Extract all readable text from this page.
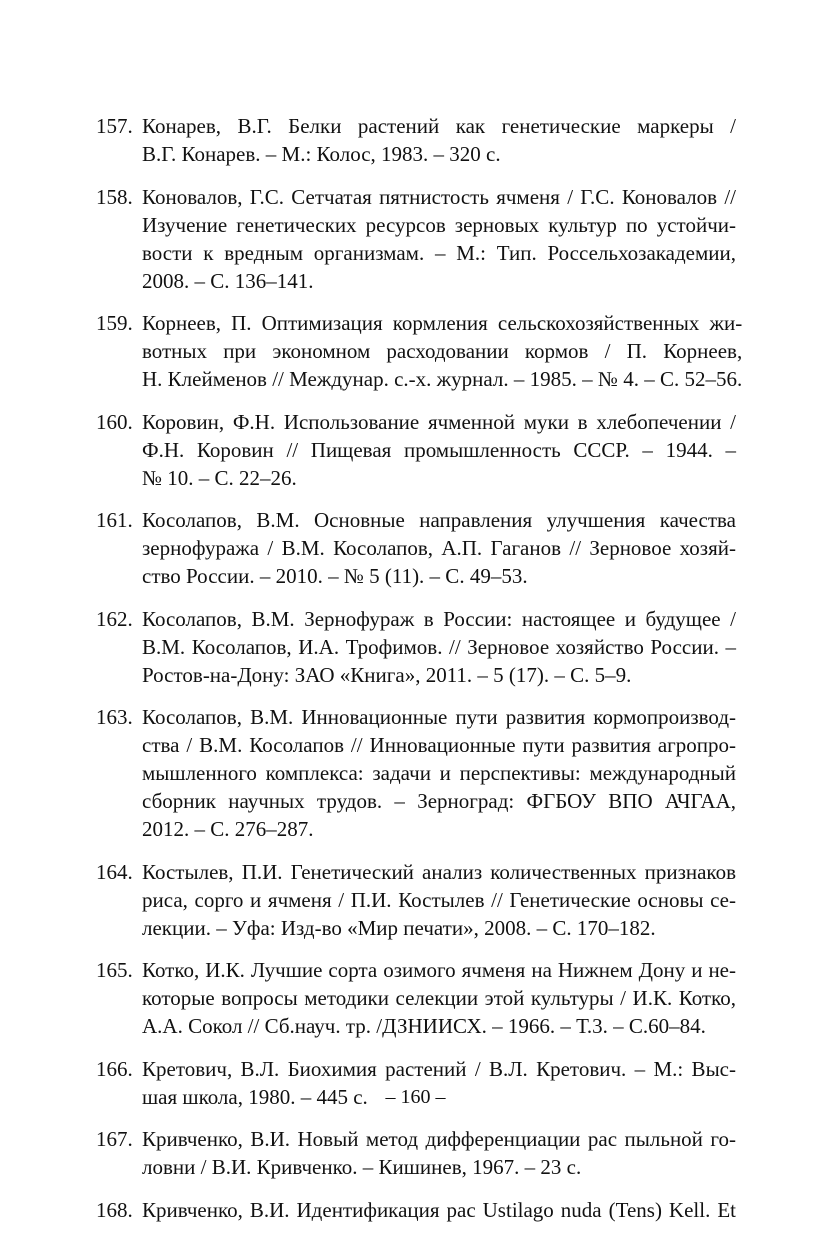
157. Конарев, В.Г. Белки растений как генетические маркеры /
В.Г. Конарев. – М.: Колос, 1983. – 320 с.
158. Коновалов, Г.С. Сетчатая пятнистость ячменя / Г.С. Коновалов //
Изучение генетических ресурсов зерновых культур по устойчи-
вости к вредным организмам. – М.: Тип. Россельхозакадемии,
2008. – С. 136–141.
159. Корнеев, П. Оптимизация кормления сельскохозяйственных жи-
вотных при экономном расходовании кормов / П. Корнеев,
Н. Клейменов // Междунар. с.-х. журнал. – 1985. – № 4. – С. 52–56.
160. Коровин, Ф.Н. Использование ячменной муки в хлебопечении /
Ф.Н. Коровин // Пищевая промышленность СССР. – 1944. –
№ 10. – С. 22–26.
161. Косолапов, В.М. Основные направления улучшения качества
зернофуража / В.М. Косолапов, А.П. Гаганов // Зерновое хозяй-
ство России. – 2010. – № 5 (11). – С. 49–53.
162. Косолапов, В.М. Зернофураж в России: настоящее и будущее /
В.М. Косолапов, И.А. Трофимов. // Зерновое хозяйство России. –
Ростов-на-Дону: ЗАО «Книга», 2011. – 5 (17). – С. 5–9.
163. Косолапов, В.М. Инновационные пути развития кормопроизвод-
ства / В.М. Косолапов // Инновационные пути развития агропро-
мышленного комплекса: задачи и перспективы: международный
сборник научных трудов. – Зерноград: ФГБОУ ВПО АЧГАА,
2012. – С. 276–287.
164. Костылев, П.И. Генетический анализ количественных признаков
риса, сорго и ячменя / П.И. Костылев // Генетические основы се-
лекции. – Уфа: Изд-во «Мир печати», 2008. – С. 170–182.
165. Котко, И.К. Лучшие сорта озимого ячменя на Нижнем Дону и не-
которые вопросы методики селекции этой культуры / И.К. Котко,
А.А. Сокол // Сб.науч. тр. /ДЗНИИСХ. – 1966. – Т.3. – С.60–84.
166. Кретович, В.Л. Биохимия растений / В.Л. Кретович. – М.: Выс-
шая школа, 1980. – 445 с.
167. Кривченко, В.И. Новый метод дифференциации рас пыльной го-
ловни / В.И. Кривченко. – Кишинев, 1967. – 23 с.
168. Кривченко, В.И. Идентификация рас Ustilago nuda (Tens) Kell. Et
– 160 –
